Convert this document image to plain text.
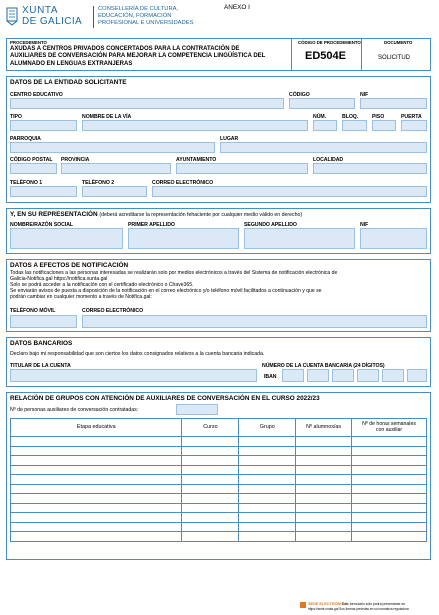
XUNTA
DE GALICIA
CONSELLERÍA DE CULTURA,
EDUCACIÓN, FORMACIÓN
PROFESIONAL E UNIVERSIDADES
ANEXO I
PROCEDEMENTO
AXUDAS A CENTROS PRIVADOS CONCERTADOS PARA LA CONTRATACIÓN DE
AUXILIARES DE CONVERSACIÓN PARA MEJORAR LA COMPETENCIA LINGÜÍSTICA DEL
ALUMNADO EN LENGUAS EXTRANJERAS
CÓDIGO DE PROCEDEMENTO
ED504E
DOCUMENTO
SOLICITUD
DATOS DE LA ENTIDAD SOLICITANTE
CENTRO EDUCATIVO	CÓDIGO	NIF
TIPO	NOMBRE DE LA VÍA	NÚM.	BLOQ.	PISO	PUERTA
PARROQUIA	LUGAR
CÓDIGO POSTAL PROVINCIA	AYUNTAMIENTO	LOCALIDAD
TELÉFONO 1	TELÉFONO 2	CORREO ELECTRÓNICO
Y, EN SU REPRESENTACIÓN (deberá acreditarse la representación fehaciente por cualquier medio válido en derecho)
NOMBRE/RAZÓN SOCIAL	PRIMER APELLIDO	SEGUNDO APELLIDO	NIF
DATOS A EFECTOS DE NOTIFICACIÓN
Todas las notificaciones a las personas interesadas se realizarán solo por medios electrónicos a través del Sistema de notificación electrónica de
Galicia-Notifica.gal https://notifica.xunta.gal
Solo se podrá acceder a la notificación con el certificado electrónico o Chave365.
Se enviarán avisos de puesta a disposición de la notificación en el correo electrónico y/o teléfono móvil facilitados a continuación y que se
podrán cambiar en cualquier momento a través de Notifica.gal:
TELÉFONO MÓVIL	CORREO ELECTRÓNICO
DATOS BANCARIOS
Declaro bajo mi responsabilidad que son ciertos los datos consignados relativos a la cuenta bancaria indicada.
TITULAR DE LA CUENTA	NÚMERO DE LA CUENTA BANCARIA (24 DÍGITOS)
IBAN
RELACIÓN DE GRUPOS CON ATENCIÓN DE AUXILIARES DE CONVERSACIÓN EN EL CURSO 2022/23
Nº de personas auxiliares de conversación contratadas:
Etapa educativa	Curso	Grupo	Nº alumnos/as	Nº de horas semanales con auxiliar

SEDE ELECTRÓNICA
Este formulario sólo podrá presentarse en
https://sede.xunta.gal Sus formas previstas en su normativa reguladora
